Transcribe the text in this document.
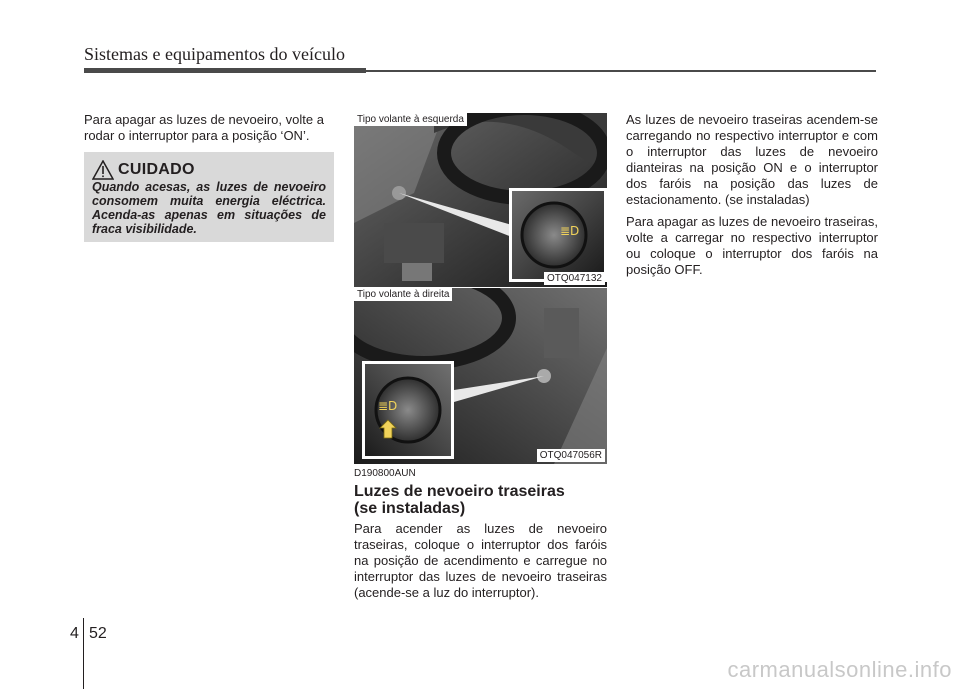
Sistemas e equipamentos do veículo
Para apagar as luzes de nevoeiro, volte a rodar o interruptor para a posição ‘ON’.
CUIDADO
Quando acesas, as luzes de nevoeiro consomem muita energia eléctrica. Acenda-as apenas em situações de fraca visibilidade.	≣D
Tipo volante à esquerda
OTQ047132
≣D
Tipo volante à direita
OTQ047056R
D190800AUN
Luzes de nevoeiro traseiras
(se instaladas)
Para acender as luzes de nevoeiro traseiras, coloque o interruptor dos faróis na posição de acendimento e carregue no interruptor das luzes de nevoeiro traseiras (acende-se a luz do interruptor).

As luzes de nevoeiro traseiras acendem-se carregando no respectivo interruptor e com o interruptor das luzes de nevoeiro dianteiras na posição ON e o interruptor dos faróis na posição das luzes de estacionamento. (se instaladas)

Para apagar as luzes de nevoeiro traseiras, volte a carregar no respectivo interruptor ou coloque o interruptor dos faróis na posição OFF.

4 52
carmanualsonline.info
